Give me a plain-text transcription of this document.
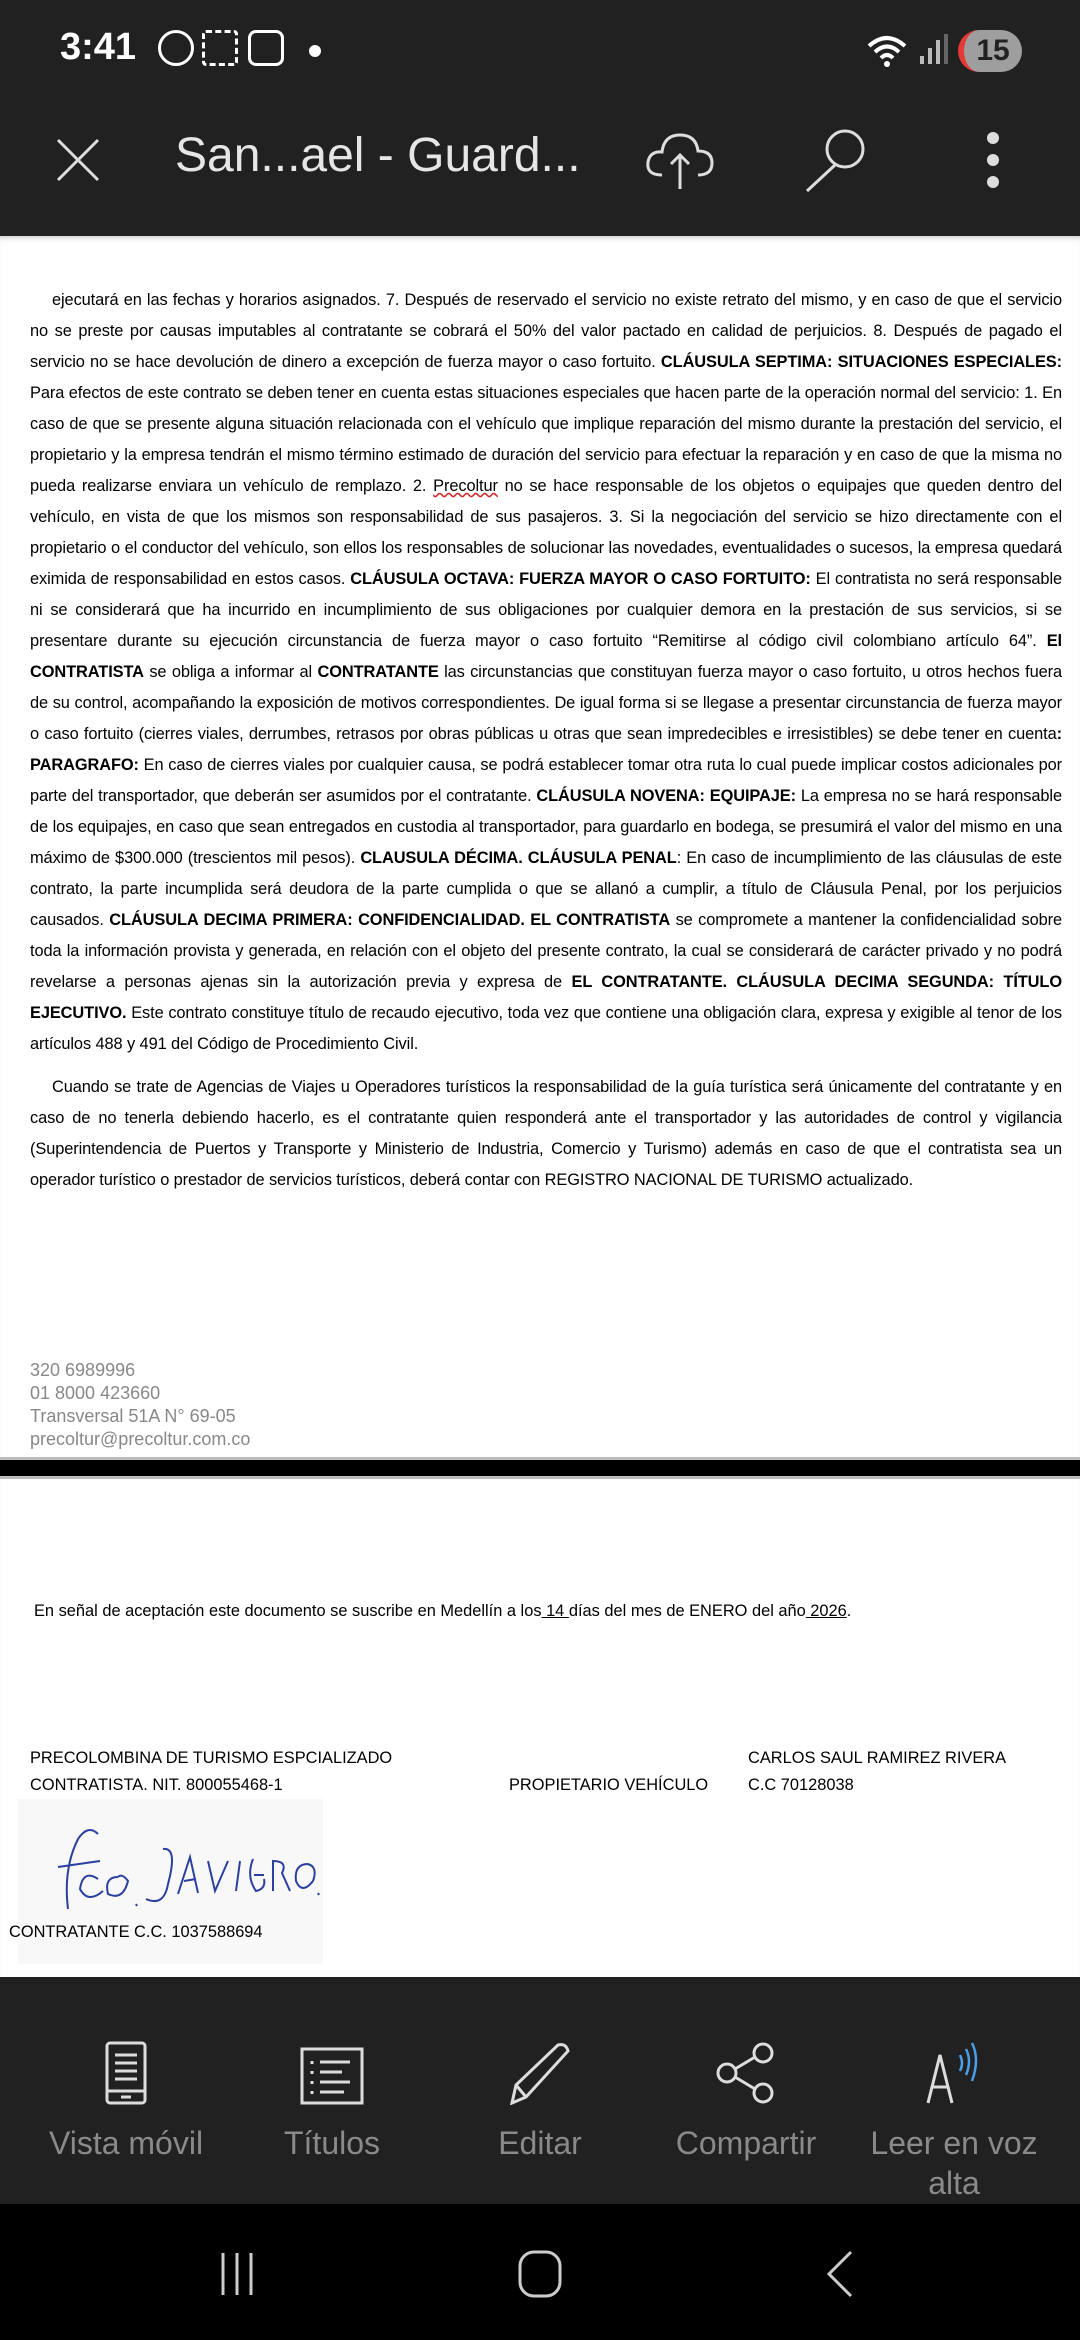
3:41	15
San...ael - Guard...
ejecutará en las fechas y horarios asignados. 7. Después de reservado el servicio no existe retrato del mismo, y en caso de que el servicio no se preste por causas imputables al contratante se cobrará el 50% del valor pactado en calidad de perjuicios. 8. Después de pagado el servicio no se hace devolución de dinero a excepción de fuerza mayor o caso fortuito. CLÁUSULA SEPTIMA: SITUACIONES ESPECIALES: Para efectos de este contrato se deben tener en cuenta estas situaciones especiales que hacen parte de la operación normal del servicio: 1. En caso de que se presente alguna situación relacionada con el vehículo que implique reparación del mismo durante la prestación del servicio, el propietario y la empresa tendrán el mismo término estimado de duración del servicio para efectuar la reparación y en caso de que la misma no pueda realizarse enviara un vehículo de remplazo. 2. Precoltur no se hace responsable de los objetos o equipajes que queden dentro del vehículo, en vista de que los mismos son responsabilidad de sus pasajeros. 3. Si la negociación del servicio se hizo directamente con el propietario o el conductor del vehículo, son ellos los responsables de solucionar las novedades, eventualidades o sucesos, la empresa quedará eximida de responsabilidad en estos casos. CLÁUSULA OCTAVA: FUERZA MAYOR O CASO FORTUITO: El contratista no será responsable ni se considerará que ha incurrido en incumplimiento de sus obligaciones por cualquier demora en la prestación de sus servicios, si se presentare durante su ejecución circunstancia de fuerza mayor o caso fortuito “Remitirse al código civil colombiano artículo 64”. El CONTRATISTA se obliga a informar al CONTRATANTE las circunstancias que constituyan fuerza mayor o caso fortuito, u otros hechos fuera de su control, acompañando la exposición de motivos correspondientes. De igual forma si se llegase a presentar circunstancia de fuerza mayor o caso fortuito (cierres viales, derrumbes, retrasos por obras públicas u otras que sean impredecibles e irresistibles) se debe tener en cuenta: PARAGRAFO: En caso de cierres viales por cualquier causa, se podrá establecer tomar otra ruta lo cual puede implicar costos adicionales por parte del transportador, que deberán ser asumidos por el contratante. CLÁUSULA NOVENA: EQUIPAJE: La empresa no se hará responsable de los equipajes, en caso que sean entregados en custodia al transportador, para guardarlo en bodega, se presumirá el valor del mismo en una máximo de $300.000 (trescientos mil pesos). CLAUSULA DÉCIMA. CLÁUSULA PENAL: En caso de incumplimiento de las cláusulas de este contrato, la parte incumplida será deudora de la parte cumplida o que se allanó a cumplir, a título de Cláusula Penal, por los perjuicios causados. CLÁUSULA DECIMA PRIMERA: CONFIDENCIALIDAD. EL CONTRATISTA se compromete a mantener la confidencialidad sobre toda la información provista y generada, en relación con el objeto del presente contrato, la cual se considerará de carácter privado y no podrá revelarse a personas ajenas sin la autorización previa y expresa de EL CONTRATANTE. CLÁUSULA DECIMA SEGUNDA: TÍTULO EJECUTIVO. Este contrato constituye título de recaudo ejecutivo, toda vez que contiene una obligación clara, expresa y exigible al tenor de los artículos 488 y 491 del Código de Procedimiento Civil.
Cuando se trate de Agencias de Viajes u Operadores turísticos la responsabilidad de la guía turística será únicamente del contratante y en caso de no tenerla debiendo hacerlo, es el contratante quien responderá ante el transportador y las autoridades de control y vigilancia (Superintendencia de Puertos y Transporte y Ministerio de Industria, Comercio y Turismo) además en caso de que el contratista sea un operador turístico o prestador de servicios turísticos, deberá contar con REGISTRO NACIONAL DE TURISMO actualizado.
320 6989996
01 8000 423660
Transversal 51A N° 69-05
precoltur@precoltur.com.co
En señal de aceptación este documento se suscribe en Medellín a los 14 días del mes de ENERO del año 2026.
PRECOLOMBINA DE TURISMO ESPCIALIZADO
CONTRATISTA. NIT. 800055468-1	PROPIETARIO VEHÍCULO
CARLOS SAUL RAMIREZ RIVERA
C.C 70128038
CONTRATANTE C.C. 1037588694
Vista móvil	Títulos	Editar	Compartir	Leer en voz alta
